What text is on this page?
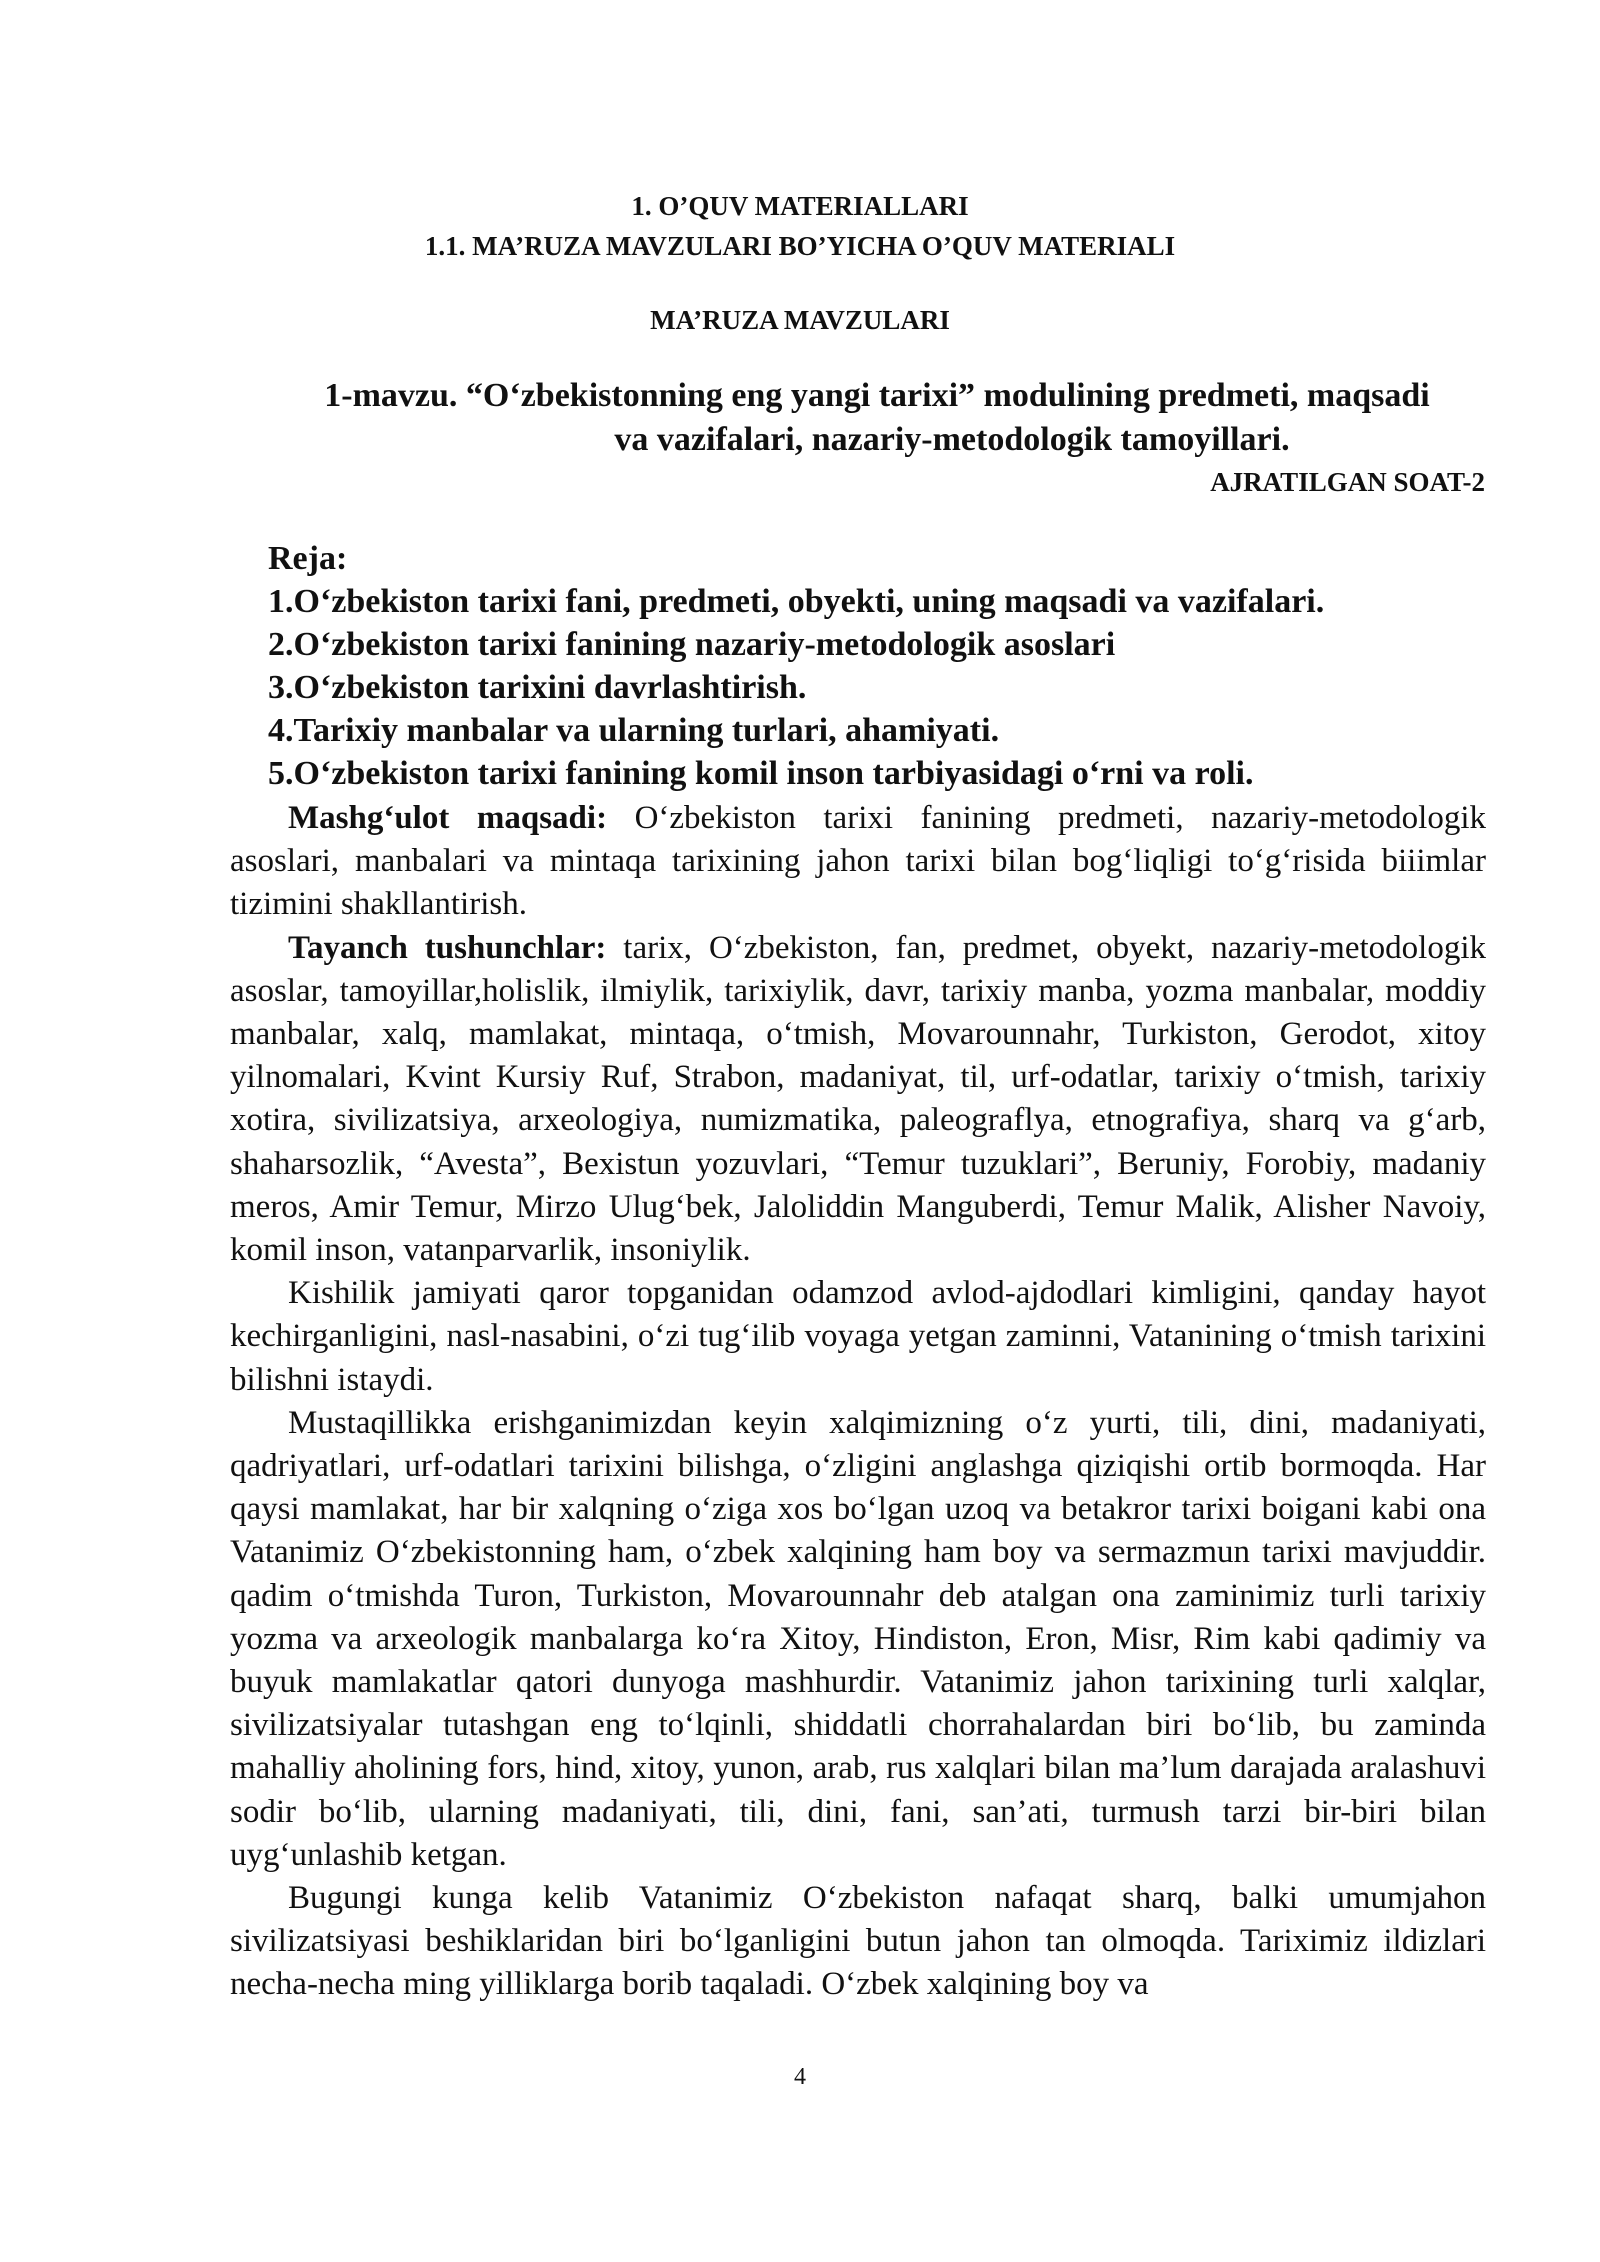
1. O’QUV MATERIALLARI
1.1. MA’RUZA MAVZULARI BO’YICHA O’QUV MATERIALI
MA’RUZA MAVZULARI
1-mavzu. “O‘zbekistonning eng yangi tarixi” modulining predmeti, maqsadi
va vazifalari, nazariy-metodologik tamoyillari.
AJRATILGAN SOAT-2
Reja:
1.O‘zbekiston tarixi fani, predmeti, obyekti, uning maqsadi va vazifalari.
2.O‘zbekiston tarixi fanining nazariy-metodologik asoslari
3.O‘zbekiston tarixini davrlashtirish.
4.Tarixiy manbalar va ularning turlari, ahamiyati.
5.O‘zbekiston tarixi fanining komil inson tarbiyasidagi o‘rni va roli.

Mashg‘ulot maqsadi: O‘zbekiston tarixi fanining predmeti, nazariy-metodologik asoslari, manbalari va mintaqa tarixining jahon tarixi bilan bog‘liqligi to‘g‘risida biiimlar tizimini shakllantirish.

Tayanch tushunchlar: tarix, O‘zbekiston, fan, predmet, obyekt, nazariy-metodologik asoslar, tamoyillar,holislik, ilmiylik, tarixiylik, davr, tarixiy manba, yozma manbalar, moddiy manbalar, xalq, mamlakat, mintaqa, o‘tmish, Movarounnahr, Turkiston, Gerodot, xitoy yilnomalari, Kvint Kursiy Ruf, Strabon, madaniyat, til, urf-odatlar, tarixiy o‘tmish, tarixiy xotira, sivilizatsiya, arxeologiya, numizmatika, paleograflya, etnografiya, sharq va g‘arb, shaharsozlik, “Avesta”, Bexistun yozuvlari, “Temur tuzuklari”, Beruniy, Forobiy, madaniy meros, Amir Temur, Mirzo Ulug‘bek, Jaloliddin Manguberdi, Temur Malik, Alisher Navoiy, komil inson, vatanparvarlik, insoniylik.

Kishilik jamiyati qaror topganidan odamzod avlod-ajdodlari kimligini, qanday hayot kechirganligini, nasl-nasabini, o‘zi tug‘ilib voyaga yetgan zaminni, Vatanining o‘tmish tarixini bilishni istaydi.

Mustaqillikka erishganimizdan keyin xalqimizning o‘z yurti, tili, dini, madaniyati, qadriyatlari, urf-odatlari tarixini bilishga, o‘zligini anglashga qiziqishi ortib bormoqda. Har qaysi mamlakat, har bir xalqning o‘ziga xos bo‘lgan uzoq va betakror tarixi boigani kabi ona Vatanimiz O‘zbekistonning ham, o‘zbek xalqining ham boy va sermazmun tarixi mavjuddir. qadim o‘tmishda Turon, Turkiston, Movarounnahr deb atalgan ona zaminimiz turli tarixiy yozma va arxeologik manbalarga ko‘ra Xitoy, Hindiston, Eron, Misr, Rim kabi qadimiy va buyuk mamlakatlar qatori dunyoga mashhurdir. Vatanimiz jahon tarixining turli xalqlar, sivilizatsiyalar tutashgan eng to‘lqinli, shiddatli chorrahalardan biri bo‘lib, bu zaminda mahalliy aholining fors, hind, xitoy, yunon, arab, rus xalqlari bilan ma’lum darajada aralashuvi sodir bo‘lib, ularning madaniyati, tili, dini, fani, san’ati, turmush tarzi bir-biri bilan uyg‘unlashib ketgan.

Bugungi kunga kelib Vatanimiz O‘zbekiston nafaqat sharq, balki umumjahon sivilizatsiyasi beshiklaridan biri bo‘lganligini butun jahon tan olmoqda. Tariximiz ildizlari necha-necha ming yilliklarga borib taqaladi. O‘zbek xalqining boy va

4
